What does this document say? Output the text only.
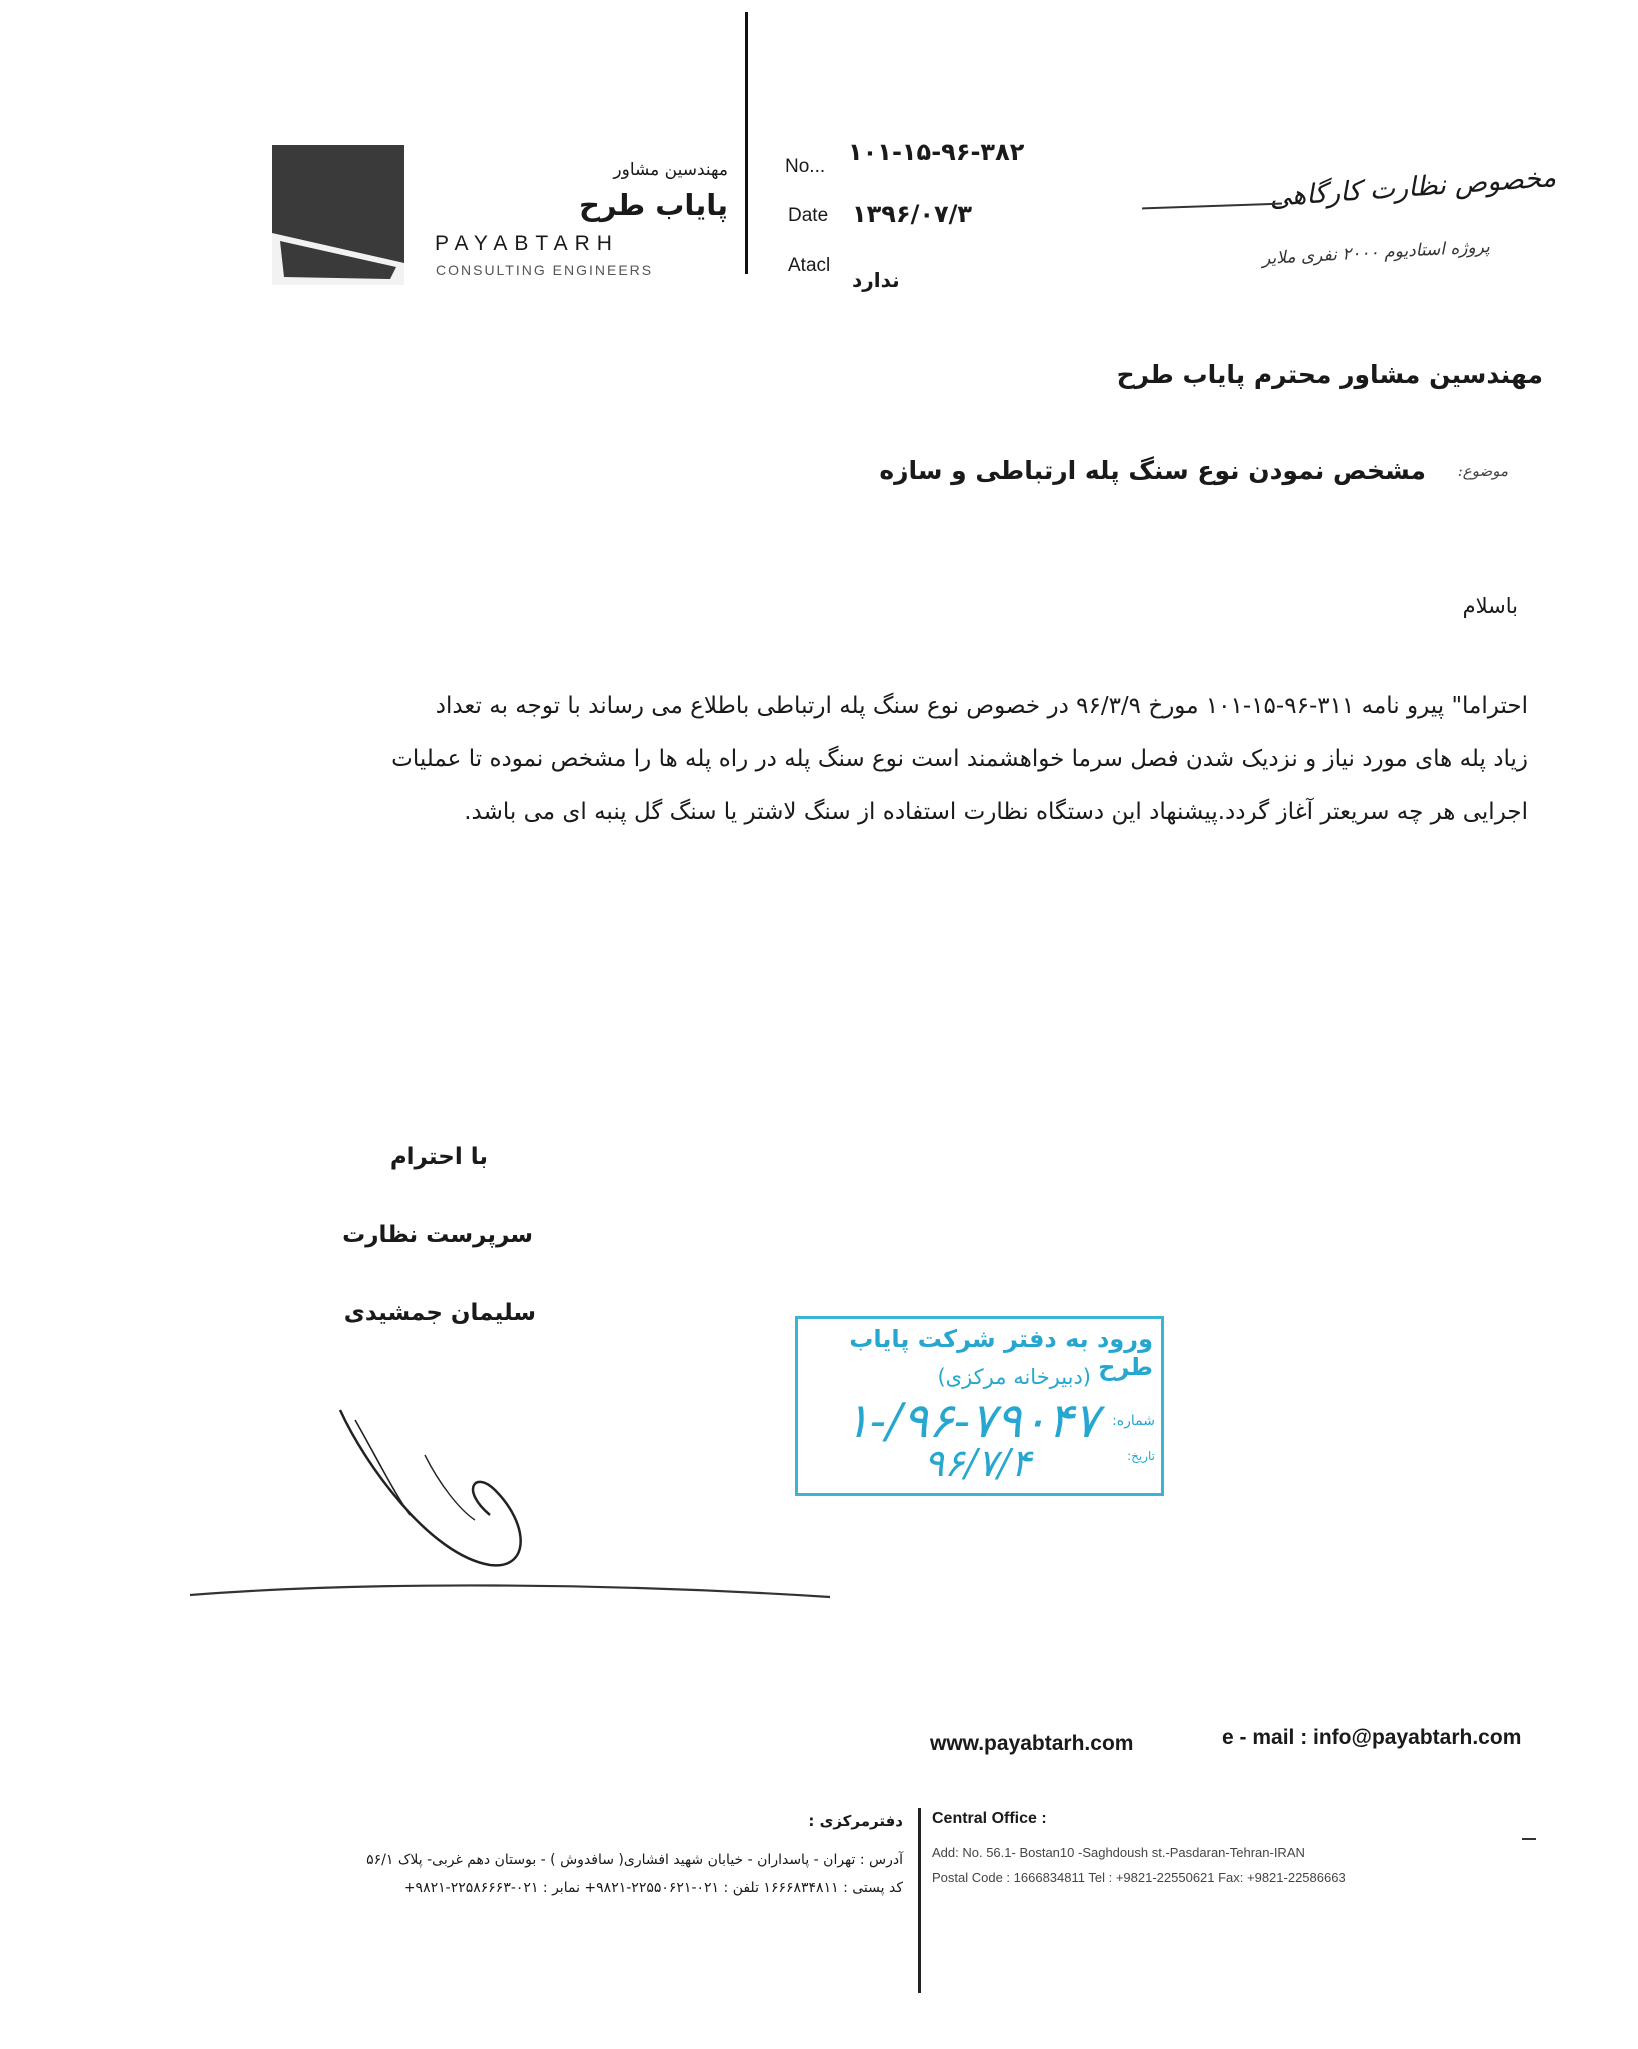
مهندسین مشاور
پایاب طرح
PAYABTARH
CONSULTING ENGINEERS
No...
۱۰۱-۱۵-۹۶-۳۸۲
Date ۱۳۹۶/۰۷/۳
Atacl
ندارد
مخصوص نظارت کارگاهی
پروژه استادیوم ۲۰۰۰ نفری ملایر
مهندسین مشاور محترم پایاب طرح
موضوع:
مشخص نمودن نوع سنگ پله ارتباطی و سازه
باسلام
احتراما" پیرو نامه ۳۱۱-۹۶-۱۵-۱۰۱ مورخ ۹۶/۳/۹ در خصوص نوع سنگ پله ارتباطی باطلاع می رساند با توجه به تعداد
زیاد پله های مورد نیاز و نزدیک شدن فصل سرما خواهشمند است نوع سنگ پله در راه پله ها را مشخص نموده تا عملیات
اجرایی هر چه سریعتر آغاز گردد.پیشنهاد این دستگاه نظارت استفاده از سنگ لاشتر یا سنگ گل پنبه ای می باشد.
با احترام
سرپرست نظارت
سلیمان جمشیدی
ورود به دفتر شرکت پایاب طرح
(دبیرخانه مرکزی)
شماره:
۱-/۹۶-۷۹۰۴۷
تاریخ:
۹۶/۷/۴
www.payabtarh.com	e - mail : info@payabtarh.com
دفترمرکزی :
آدرس : تهران - پاسداران - خیابان شهید افشاری( سافدوش ) - بوستان دهم غربی- پلاک ۵۶/۱
کد پستی : ۱۶۶۶۸۳۴۸۱۱ تلفن : ۰۲۱-۲۲۵۵۰۶۲۱-۹۸۲۱+ نمابر : ۰۲۱-۲۲۵۸۶۶۶۳-۹۸۲۱+
Central Office :
Add: No. 56.1- Bostan10 -Saghdoush st.-Pasdaran-Tehran-IRAN
Postal Code : 1666834811 Tel : +9821-22550621 Fax: +9821-22586663
